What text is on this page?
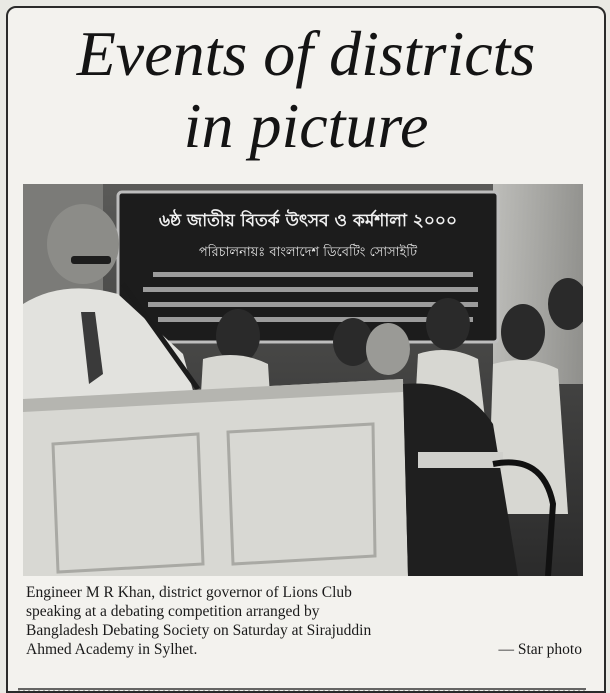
Events of districts
in picture
৬ষ্ঠ জাতীয় বিতর্ক উৎসব ও কর্মশালা ২০০০
পরিচালনায়ঃ বাংলাদেশ ডিবেটিং সোসাইটি
Engineer M R Khan, district governor of Lions Club
speaking at a debating competition arranged by
Bangladesh Debating Society on Saturday at Sirajuddin
Ahmed Academy in Sylhet.	— Star photo
